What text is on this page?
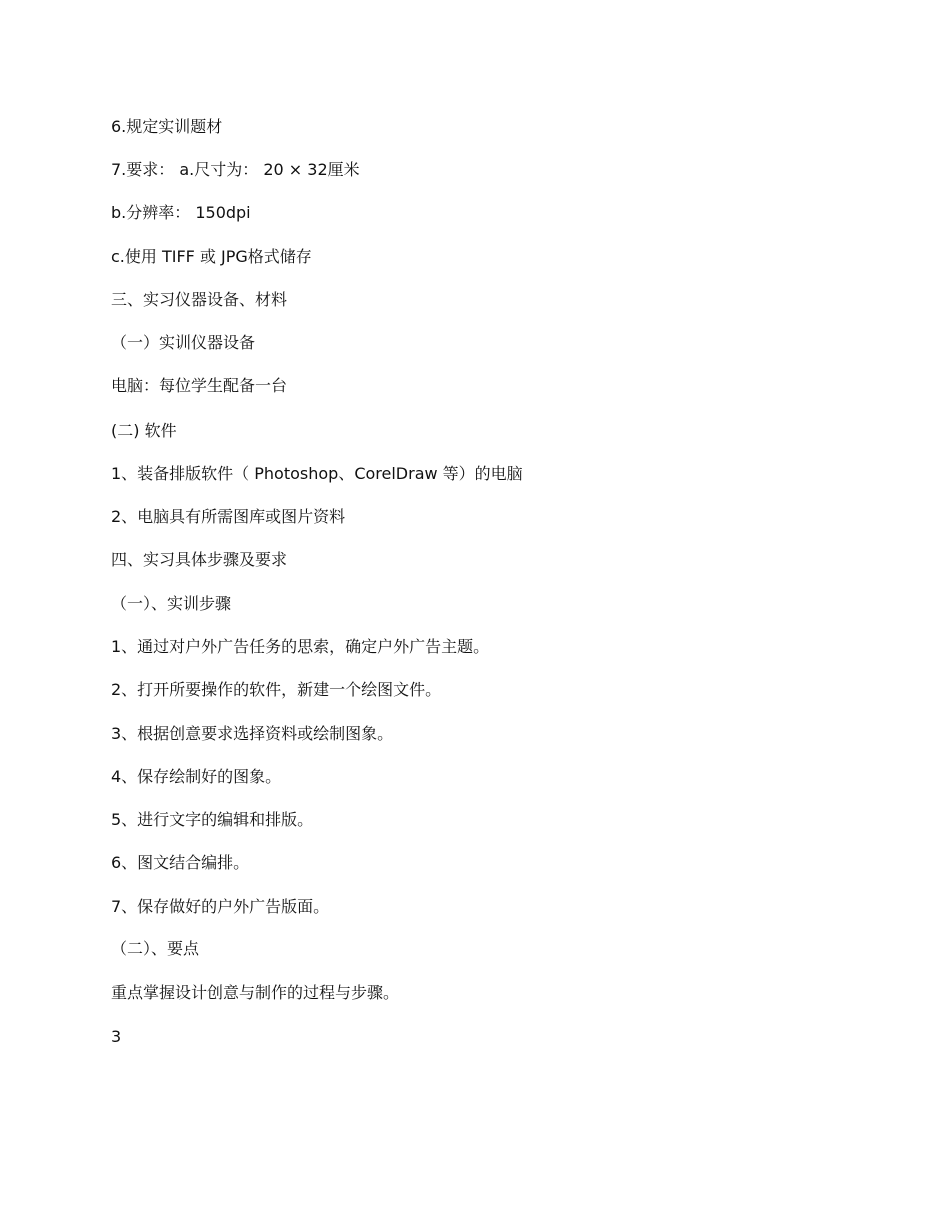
6.规定实训题材
7.要求： a.尺寸为： 20 × 32厘米
b.分辨率： 150dpi
c.使用 TIFF 或 JPG格式储存
三、实习仪器设备、材料
（一）实训仪器设备
电脑：每位学生配备一台
(二) 软件
1、装备排版软件（ Photoshop、CorelDraw 等）的电脑
2、电脑具有所需图库或图片资料
四、实习具体步骤及要求
（一）、实训步骤
1、通过对户外广告任务的思索，确定户外广告主题。
2、打开所要操作的软件，新建一个绘图文件。
3、根据创意要求选择资料或绘制图象。
4、保存绘制好的图象。
5、进行文字的编辑和排版。
6、图文结合编排。
7、保存做好的户外广告版面。
（二）、要点
重点掌握设计创意与制作的过程与步骤。
3
